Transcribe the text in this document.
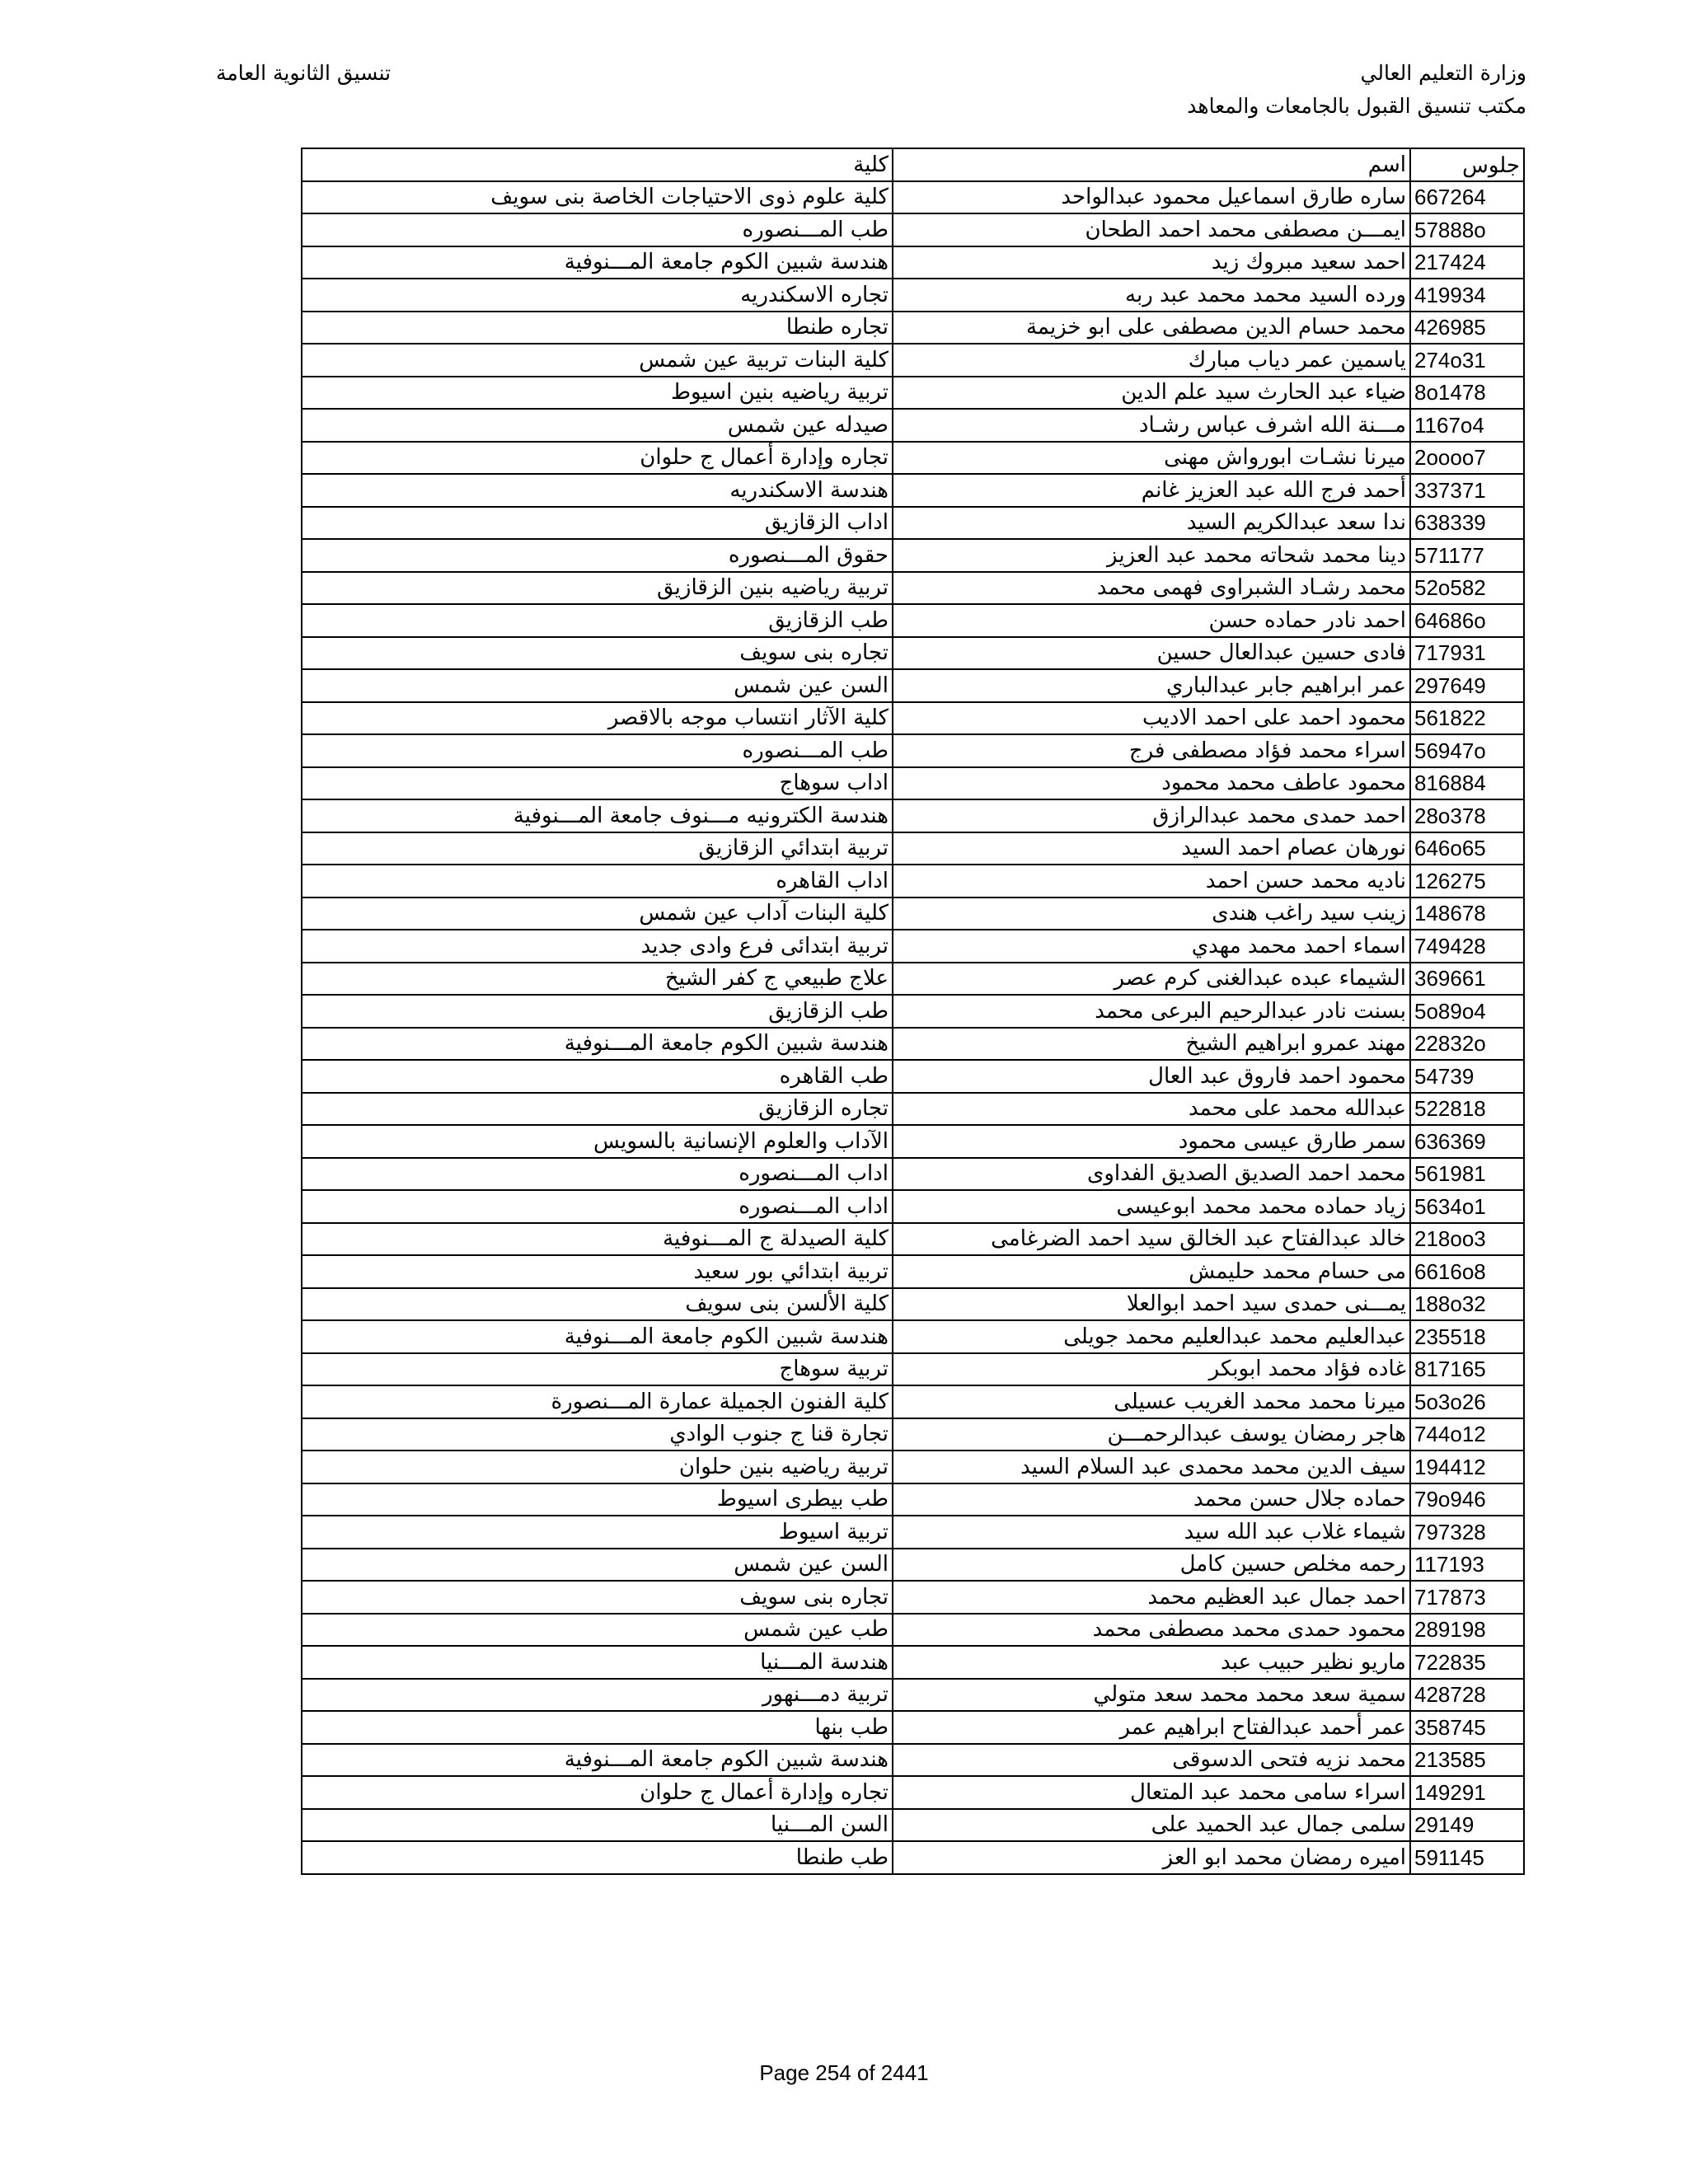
وزارة التعليم العالي
مكتب تنسيق القبول بالجامعات والمعاهد
تنسيق الثانوية العامة
جلوس	اسم	كلية
667264	ساره طارق اسماعيل محمود عبدالواحد	كلية علوم ذوى الاحتياجات الخاصة بنى سويف
57888o	ايمـــن مصطفى محمد احمد الطحان	طب المـــنصوره
217424	احمد سعيد مبروك زيد	هندسة شبين الكوم جامعة المـــنوفية
419934	ورده السيد محمد محمد عبد ربه	تجاره الاسكندريه
426985	محمد حسام الدين مصطفى على ابو خزيمة	تجاره طنطا
274o31	ياسمين عمر دياب مبارك	كلية البنات تربية عين شمس
8o1478	ضياء عبد الحارث سيد علم الدين	تربية رياضيه بنين اسيوط
1167o4	مـــنة الله اشرف عباس رشـاد	صيدله عين شمس
2oooo7	ميرنا نشـات ابورواش مهنى	تجاره وإدارة أعمال ج حلوان
337371	أحمد فرج الله عبد العزيز غانم	هندسة الاسكندريه
638339	ندا سعد عبدالكريم السيد	اداب الزقازيق
571177	دينا محمد شحاته محمد عبد العزيز	حقوق المـــنصوره
52o582	محمد رشـاد الشبراوى فهمى محمد	تربية رياضيه بنين الزقازيق
64686o	احمد نادر حماده حسن	طب الزقازيق
717931	فادى حسين عبدالعال حسين	تجاره بنى سويف
297649	عمر ابراهيم جابر عبدالباري	السن عين شمس
561822	محمود احمد على احمد الاديب	كلية الآثار انتساب موجه بالاقصر
56947o	اسراء محمد فؤاد مصطفى فرج	طب المـــنصوره
816884	محمود عاطف محمد محمود	اداب سوهاج
28o378	احمد حمدى محمد عبدالرازق	هندسة الكترونيه مـــنوف جامعة المـــنوفية
646o65	نورهان عصام احمد السيد	تربية ابتدائي الزقازيق
126275	ناديه محمد حسن احمد	اداب القاهره
148678	زينب سيد راغب هندى	كلية البنات آداب عين شمس
749428	اسماء احمد محمد مهدي	تربية ابتدائى فرع وادى جديد
369661	الشيماء عبده عبدالغنى كرم عصر	علاج طبيعي ج كفر الشيخ
5o89o4	بسنت نادر عبدالرحيم البرعى محمد	طب الزقازيق
22832o	مهند عمرو ابراهيم الشيخ	هندسة شبين الكوم جامعة المـــنوفية
54739	محمود احمد فاروق عبد العال	طب القاهره
522818	عبدالله محمد على محمد	تجاره الزقازيق
636369	سمر طارق عيسى محمود	الآداب والعلوم الإنسانية بالسويس
561981	محمد احمد الصديق الصديق الفداوى	اداب المـــنصوره
5634o1	زياد حماده محمد محمد ابوعيسى	اداب المـــنصوره
218oo3	خالد عبدالفتاح عبد الخالق سيد احمد الضرغامى	كلية الصيدلة ج المـــنوفية
6616o8	مى حسام محمد حليمش	تربية ابتدائي بور سعيد
188o32	يمـــنى حمدى سيد احمد ابوالعلا	كلية الألسن بنى سويف
235518	عبدالعليم محمد عبدالعليم محمد جويلى	هندسة شبين الكوم جامعة المـــنوفية
817165	غاده فؤاد محمد ابوبكر	تربية سوهاج
5o3o26	ميرنا محمد محمد الغريب عسيلى	كلية الفنون الجميلة عمارة المـــنصورة
744o12	هاجر رمضان يوسف عبدالرحمـــن	تجارة قنا ج جنوب الوادي
194412	سيف الدين محمد محمدى عبد السلام السيد	تربية رياضيه بنين حلوان
79o946	حماده جلال حسن محمد	طب بيطرى اسيوط
797328	شيماء غلاب عبد الله سيد	تربية اسيوط
117193	رحمه مخلص حسين كامل	السن عين شمس
717873	احمد جمال عبد العظيم محمد	تجاره بنى سويف
289198	محمود حمدى محمد مصطفى محمد	طب عين شمس
722835	ماريو نظير حبيب عبد	هندسة المـــنيا
428728	سمية سعد محمد محمد سعد متولي	تربية دمـــنهور
358745	عمر أحمد عبدالفتاح ابراهيم عمر	طب بنها
213585	محمد نزيه فتحى الدسوقى	هندسة شبين الكوم جامعة المـــنوفية
149291	اسراء سامى محمد عبد المتعال	تجاره وإدارة أعمال ج حلوان
29149	سلمى جمال عبد الحميد على	السن المـــنيا
591145	اميره رمضان محمد ابو العز	طب طنطا
Page 254 of 2441
